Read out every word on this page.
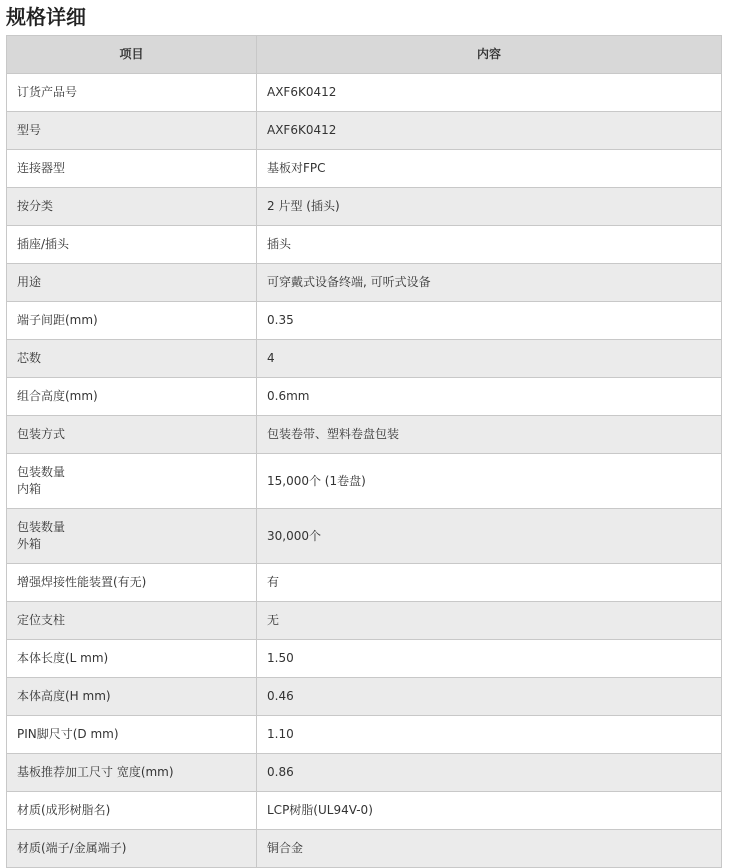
规格详细
项目	内容

订货产品号	AXF6K0412

型号	AXF6K0412

连接器型	基板对FPC

按分类	2 片型 (插头)

插座/插头	插头

用途	可穿戴式设备终端, 可听式设备

端子间距(mm)	0.35

芯数	4

组合高度(mm)	0.6mm

包装方式	包装卷带、塑料卷盘包装

包装数量
内箱	15,000个 (1卷盘)

包装数量
外箱	30,000个

增强焊接性能装置(有无)	有

定位支柱	无

本体长度(L mm)	1.50

本体高度(H mm)	0.46

PIN脚尺寸(D mm)	1.10

基板推荐加工尺寸 宽度(mm)	0.86

材质(成形树脂名)	LCP树脂(UL94V-0)

材质(端子/金属端子)	铜合金
